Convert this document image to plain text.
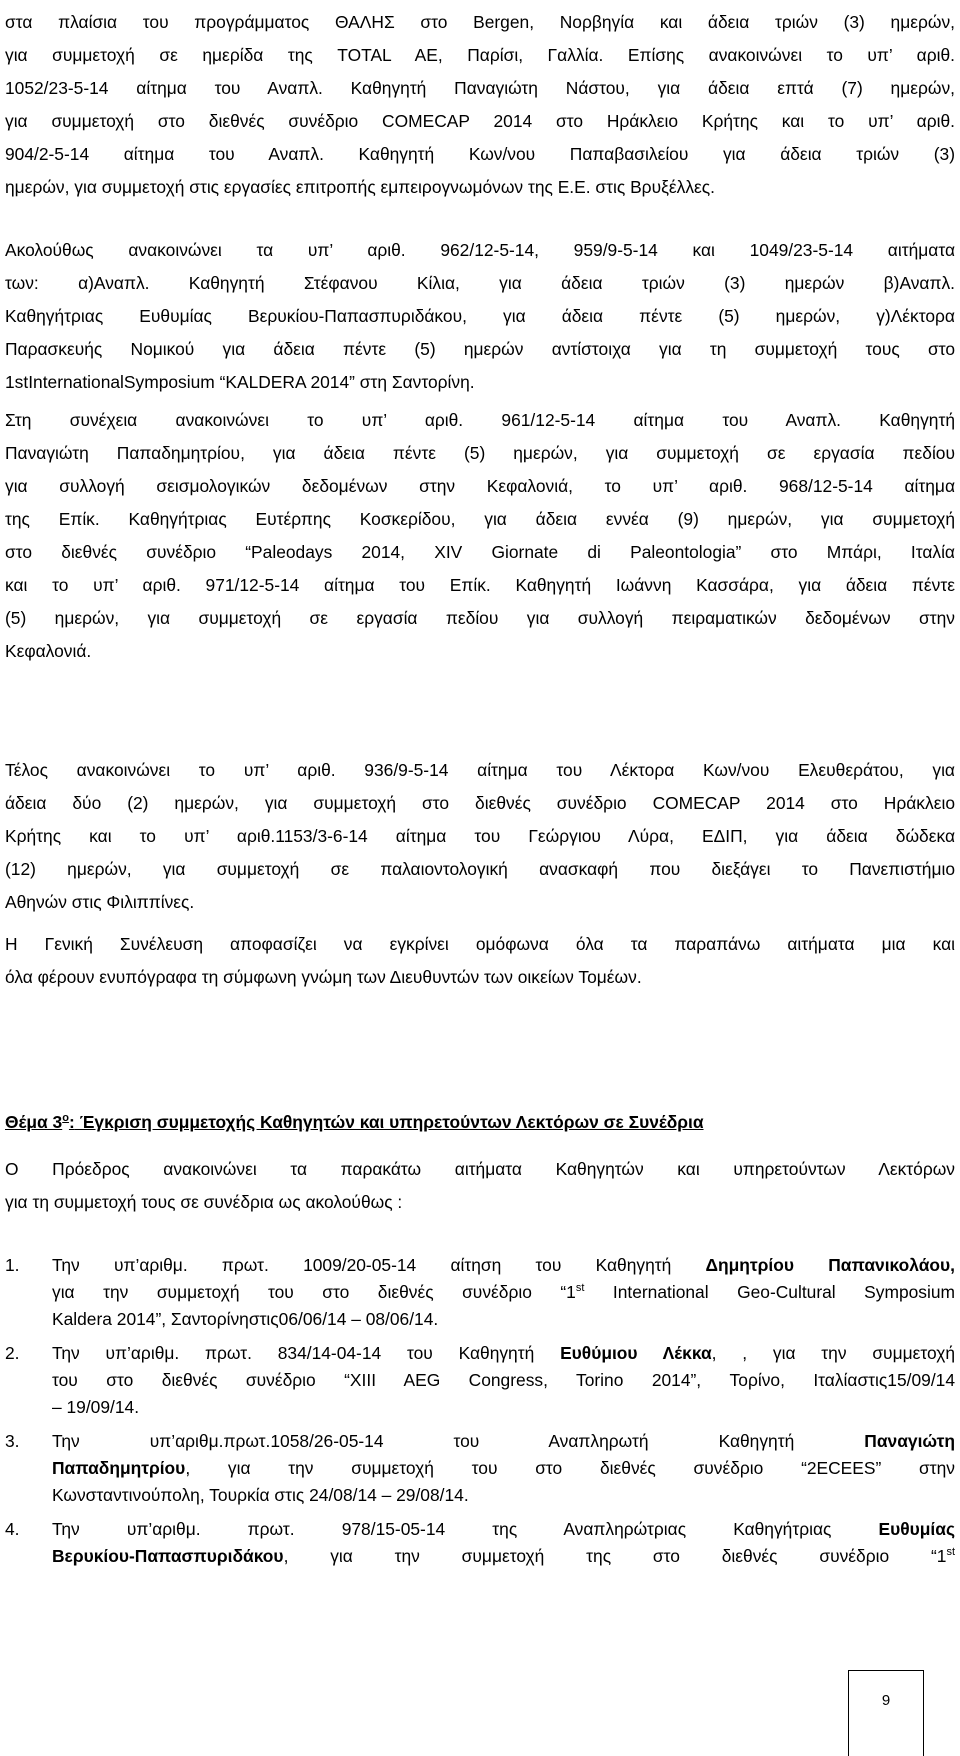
στα πλαίσια του προγράμματος ΘΑΛΗΣ στο Bergen, Νορβηγία και άδεια τριών (3) ημερών,
για συμμετοχή σε ημερίδα της TOTAL AE, Παρίσι, Γαλλία. Επίσης ανακοινώνει το υπ’ αριθ.
1052/23-5-14 αίτημα του Αναπλ. Καθηγητή Παναγιώτη Νάστου, για άδεια επτά (7) ημερών,
για συμμετοχή στο διεθνές συνέδριο COMECAP 2014 στο Ηράκλειο Κρήτης και το υπ’ αριθ.
904/2-5-14 αίτημα του Αναπλ. Καθηγητή Κων/νου Παπαβασιλείου για άδεια τριών (3)
ημερών, για συμμετοχή στις εργασίες επιτροπής εμπειρογνωμόνων της Ε.Ε. στις Βρυξέλλες.
Ακολούθως ανακοινώνει τα υπ’ αριθ. 962/12-5-14, 959/9-5-14 και 1049/23-5-14 αιτήματα
των: α)Αναπλ. Καθηγητή Στέφανου Κίλια, για άδεια τριών (3) ημερών β)Αναπλ.
Καθηγήτριας Ευθυμίας Βερυκίου-Παπασπυριδάκου, για άδεια πέντε (5) ημερών, γ)Λέκτορα
Παρασκευής Νομικού για άδεια πέντε (5) ημερών αντίστοιχα για τη συμμετοχή τους στο
1stInternationalSymposium “KALDERA 2014” στη Σαντορίνη.
Στη συνέχεια ανακοινώνει το υπ’ αριθ. 961/12-5-14 αίτημα του Αναπλ. Καθηγητή
Παναγιώτη Παπαδημητρίου, για άδεια πέντε (5) ημερών, για συμμετοχή σε εργασία πεδίου
για συλλογή σεισμολογικών δεδομένων στην Κεφαλονιά, το υπ’ αριθ. 968/12-5-14 αίτημα
της Επίκ. Καθηγήτριας Ευτέρπης Κοσκερίδου, για άδεια εννέα (9) ημερών, για συμμετοχή
στο διεθνές συνέδριο “Paleodays 2014, XIV Giornate di Paleontologia” στο Μπάρι, Ιταλία
και το υπ’ αριθ. 971/12-5-14 αίτημα του Επίκ. Καθηγητή Ιωάννη Κασσάρα, για άδεια πέντε
(5) ημερών, για συμμετοχή σε εργασία πεδίου για συλλογή πειραματικών δεδομένων στην
Κεφαλονιά.
Τέλος ανακοινώνει το υπ’ αριθ. 936/9-5-14 αίτημα του Λέκτορα Κων/νου Ελευθεράτου, για
άδεια δύο (2) ημερών, για συμμετοχή στο διεθνές συνέδριο COMECAP 2014 στο Ηράκλειο
Κρήτης και το υπ’ αριθ.1153/3-6-14 αίτημα του Γεώργιου Λύρα, ΕΔΙΠ, για άδεια δώδεκα
(12) ημερών, για συμμετοχή σε παλαιοντολογική ανασκαφή που διεξάγει το Πανεπιστήμιο
Αθηνών στις Φιλιππίνες.
Η Γενική Συνέλευση αποφασίζει να εγκρίνει ομόφωνα όλα τα παραπάνω αιτήματα μια και
όλα φέρουν ενυπόγραφα τη σύμφωνη γνώμη των Διευθυντών των οικείων Τομέων.
Θέμα $3^o$: Έγκριση συμμετοχής Καθηγητών και υπηρετούντων Λεκτόρων σε Συνέδρια
Ο Πρόεδρος ανακοινώνει τα παρακάτω αιτήματα Καθηγητών και υπηρετούντων Λεκτόρων
για τη συμμετοχή τους σε συνέδρια ως ακολούθως :
1.	Την υπ’αριθμ. πρωτ. 1009/20-05-14 αίτηση του Καθηγητή Δημητρίου Παπανικολάου,
για την συμμετοχή του στο διεθνές συνέδριο “1st International Geo-Cultural Symposium
Kaldera 2014”, Σαντορίνηστις06/06/14 – 08/06/14.
2.	Την υπ’αριθμ. πρωτ. 834/14-04-14 του Καθηγητή Ευθύμιου Λέκκα, , για την συμμετοχή
του στο διεθνές συνέδριο “XIII AEG Congress, Torino 2014”, Τορίνο, Ιταλίαστις15/09/14
– 19/09/14.
3.	Την υπ’αριθμ.πρωτ.1058/26-05-14 του Αναπληρωτή Καθηγητή Παναγιώτη
Παπαδημητρίου, για την συμμετοχή του στο διεθνές συνέδριο “2ECEES” στην
Κωνσταντινούπολη, Τουρκία στις 24/08/14 – 29/08/14.
4.	Την υπ’αριθμ. πρωτ. 978/15-05-14 της Αναπληρώτριας Καθηγήτριας Ευθυμίας
Βερυκίου-Παπασπυριδάκου, για την συμμετοχή της στο διεθνές συνέδριο “1st
9
